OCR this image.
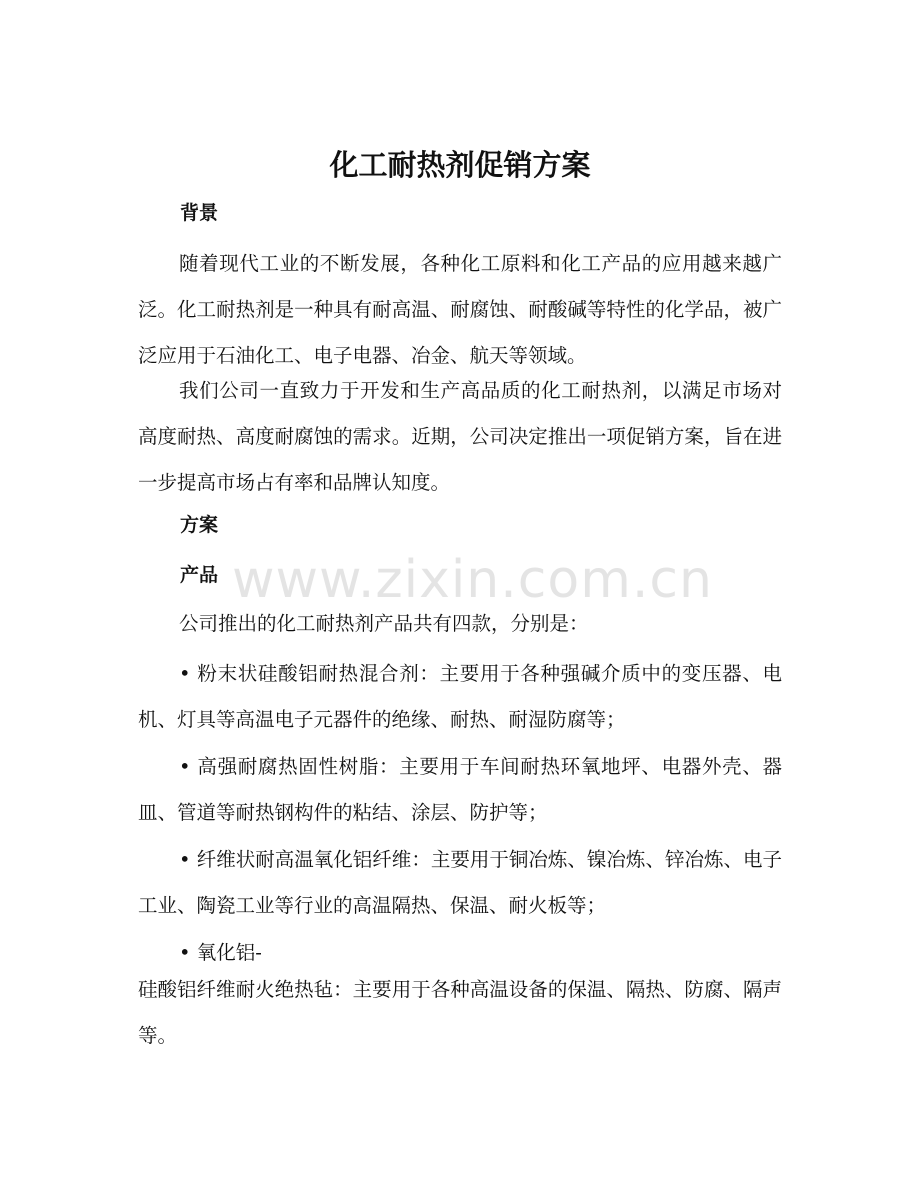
www.zixin.com.cn
化工耐热剂促销方案
背景
随着现代工业的不断发展，各种化工原料和化工产品的应用越来越广泛。化工耐热剂是一种具有耐高温、耐腐蚀、耐酸碱等特性的化学品，被广泛应用于石油化工、电子电器、冶金、航天等领域。
我们公司一直致力于开发和生产高品质的化工耐热剂，以满足市场对高度耐热、高度耐腐蚀的需求。近期，公司决定推出一项促销方案，旨在进一步提高市场占有率和品牌认知度。
方案
产品
公司推出的化工耐热剂产品共有四款，分别是：
• 粉末状硅酸铝耐热混合剂：主要用于各种强碱介质中的变压器、电机、灯具等高温电子元器件的绝缘、耐热、耐湿防腐等；
• 高强耐腐热固性树脂：主要用于车间耐热环氧地坪、电器外壳、器皿、管道等耐热钢构件的粘结、涂层、防护等；
• 纤维状耐高温氧化铝纤维：主要用于铜冶炼、镍冶炼、锌冶炼、电子工业、陶瓷工业等行业的高温隔热、保温、耐火板等；
• 氧化铝-
硅酸铝纤维耐火绝热毡：主要用于各种高温设备的保温、隔热、防腐、隔声等。
